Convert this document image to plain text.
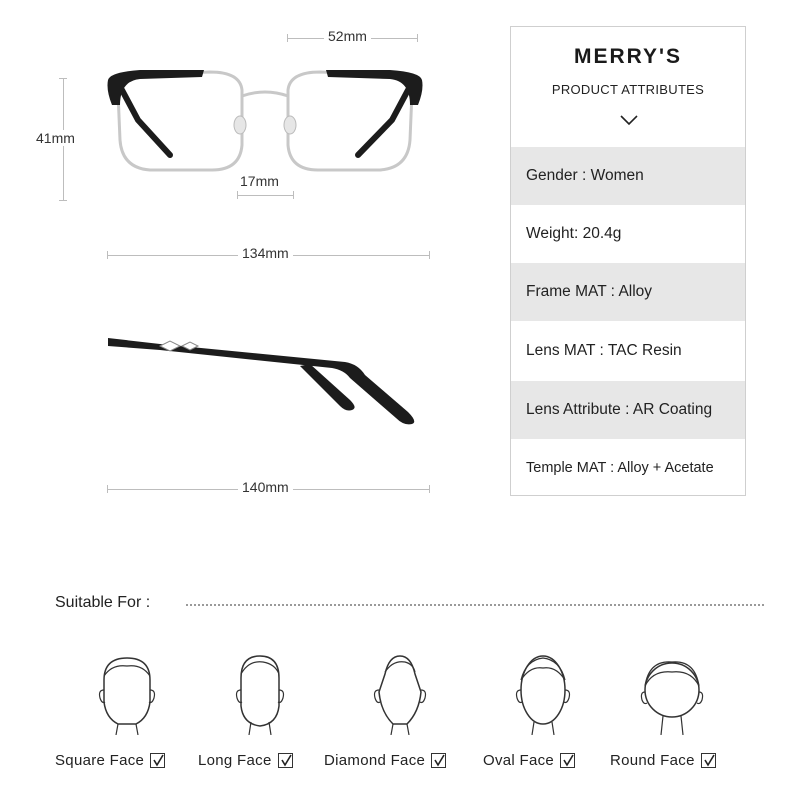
52mm
41mm
17mm
134mm
140mm
MERRY'S
PRODUCT ATTRIBUTES
Gender : Women
Weight: 20.4g
Frame MAT : Alloy
Lens MAT : TAC Resin
Lens Attribute : AR Coating
Temple MAT : Alloy + Acetate
Suitable For :
Square Face	Long Face	Diamond Face	Oval Face	Round Face
